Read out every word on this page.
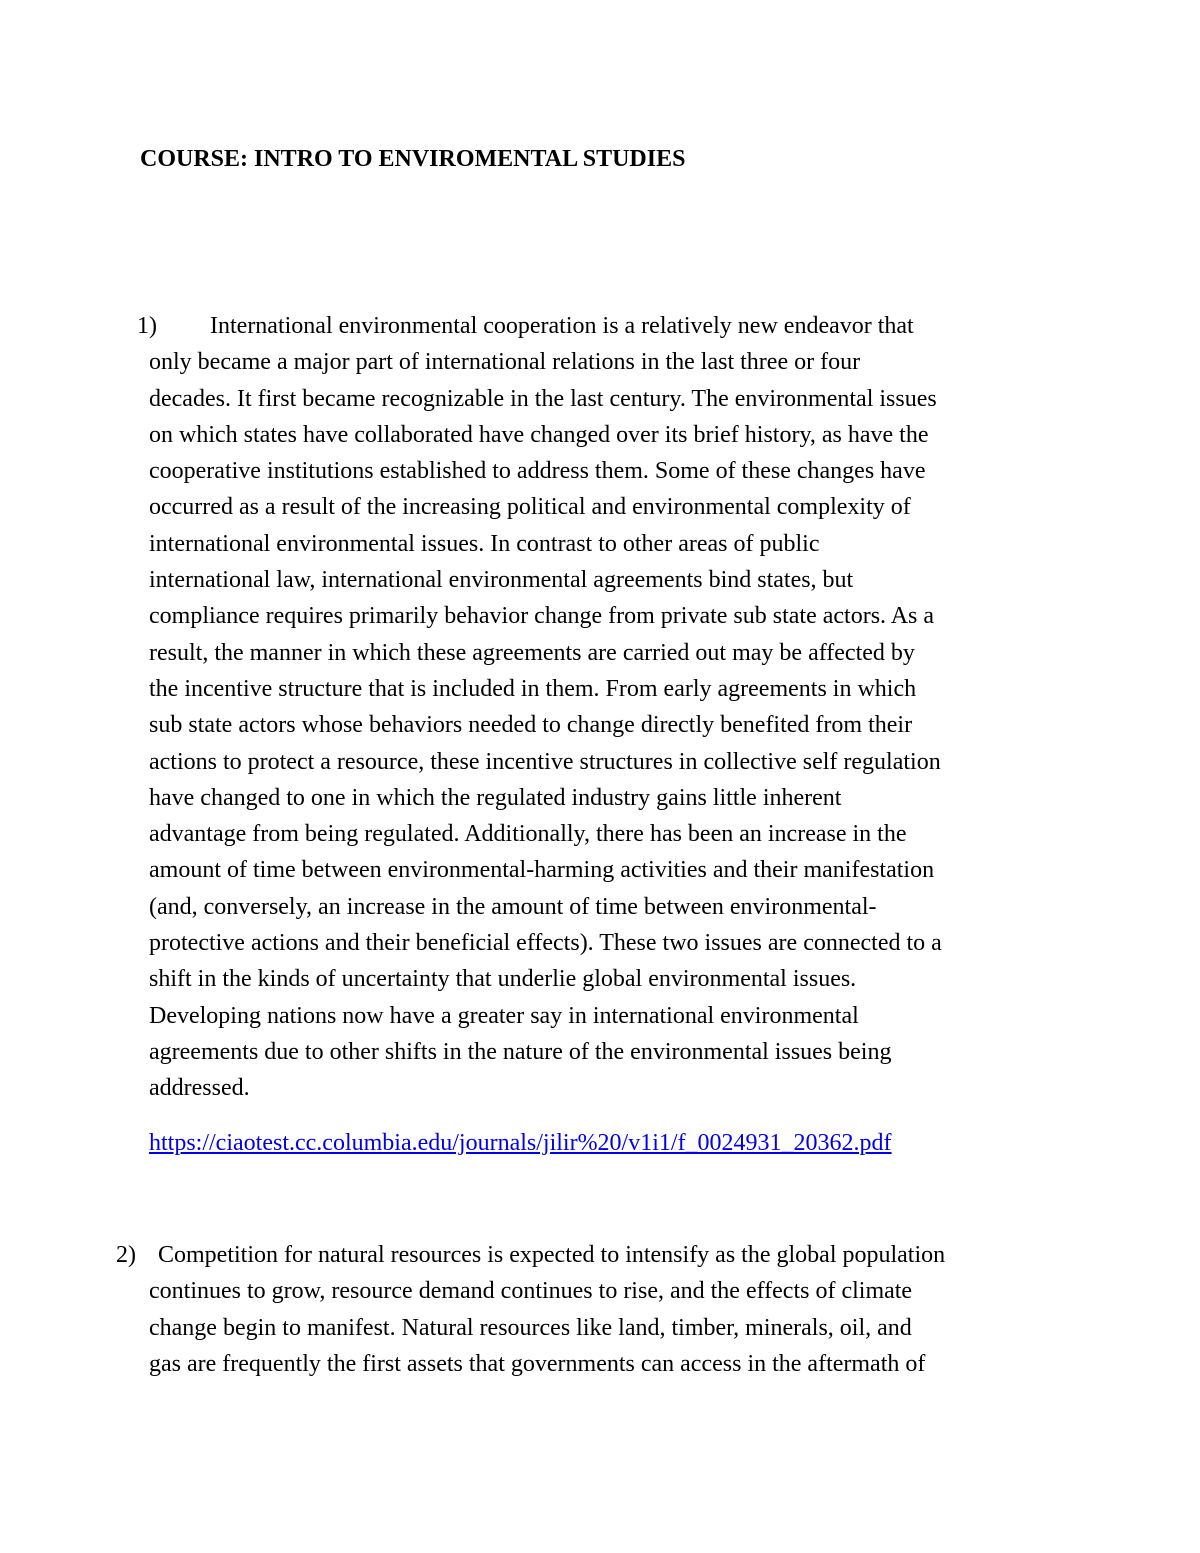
COURSE: INTRO TO ENVIROMENTAL STUDIES
1)	International environmental cooperation is a relatively new endeavor that
only became a major part of international relations in the last three or four
decades. It first became recognizable in the last century. The environmental issues
on which states have collaborated have changed over its brief history, as have the
cooperative institutions established to address them. Some of these changes have
occurred as a result of the increasing political and environmental complexity of
international environmental issues. In contrast to other areas of public
international law, international environmental agreements bind states, but
compliance requires primarily behavior change from private sub state actors. As a
result, the manner in which these agreements are carried out may be affected by
the incentive structure that is included in them. From early agreements in which
sub state actors whose behaviors needed to change directly benefited from their
actions to protect a resource, these incentive structures in collective self regulation
have changed to one in which the regulated industry gains little inherent
advantage from being regulated. Additionally, there has been an increase in the
amount of time between environmental-harming activities and their manifestation
(and, conversely, an increase in the amount of time between environmental-
protective actions and their beneficial effects). These two issues are connected to a
shift in the kinds of uncertainty that underlie global environmental issues.
Developing nations now have a greater say in international environmental
agreements due to other shifts in the nature of the environmental issues being
addressed.
https://ciaotest.cc.columbia.edu/journals/jilir%20/v1i1/f_0024931_20362.pdf
2) Competition for natural resources is expected to intensify as the global population
continues to grow, resource demand continues to rise, and the effects of climate
change begin to manifest. Natural resources like land, timber, minerals, oil, and
gas are frequently the first assets that governments can access in the aftermath of
